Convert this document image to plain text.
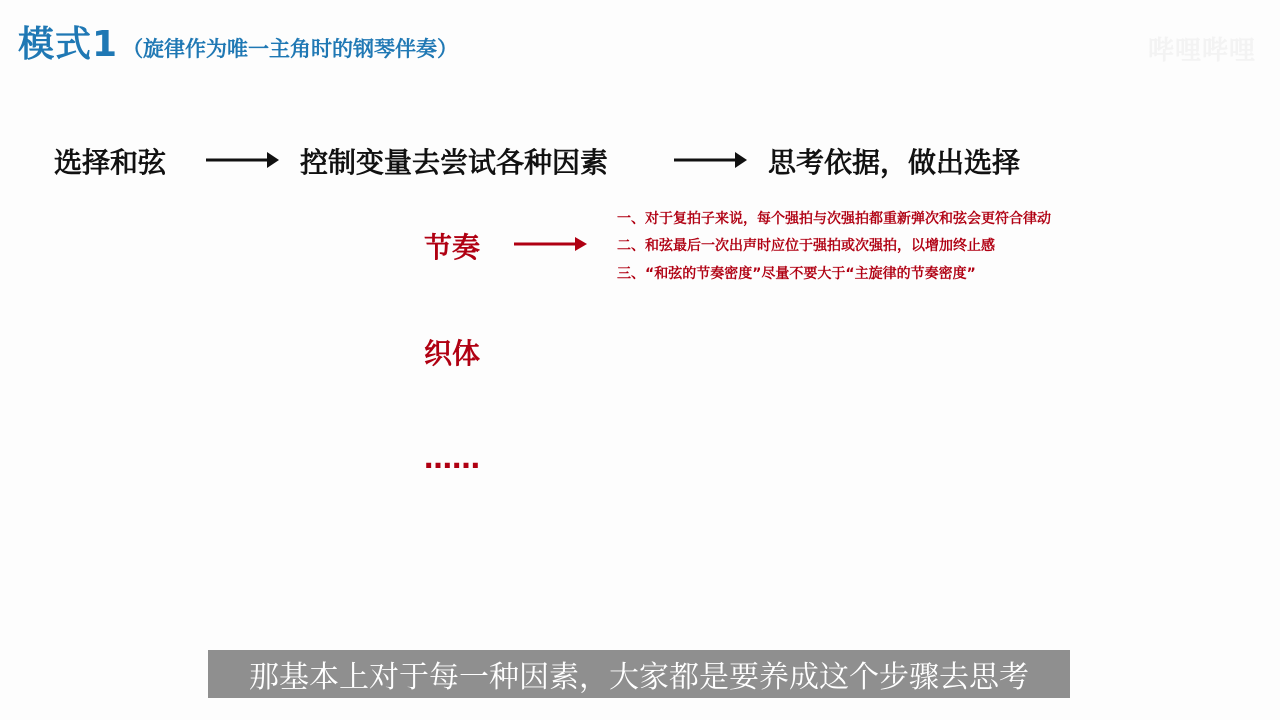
模式1 （旋律作为唯一主角时的钢琴伴奏）	哔哩哔哩
选择和弦	控制变量去尝试各种因素	思考依据，做出选择
节奏
一、对于复拍子来说，每个强拍与次强拍都重新弹次和弦会更符合律动
二、和弦最后一次出声时应位于强拍或次强拍，以增加终止感
三、“和弦的节奏密度”尽量不要大于“主旋律的节奏密度”
织体
……
那基本上对于每一种因素，大家都是要养成这个步骤去思考
